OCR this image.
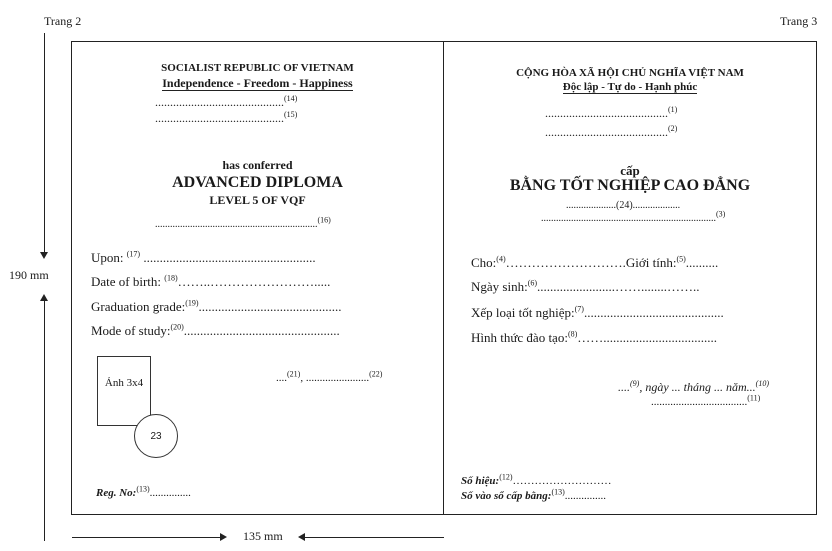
Trang 2	Trang 3
190 mm
135 mm
SOCIALIST REPUBLIC OF VIETNAM
Independence - Freedom - Happiness
...........................................$^{(14)}$
...........................................$^{(15)}$
has conferred
ADVANCED DIPLOMA
LEVEL 5 OF VQF
.................................................................$^{(16)}$
Upon: $^{(17)}$ .....................................................
Date of birth: $^{(18)}$……..…………………….....
Graduation grade:$^{(19)}$............................................
Mode of study:$^{(20)}$................................................
Ảnh 3x4
23
....$^{(21)}$, .......................$^{(22)}$
Reg. No:$^{(13)}$...............
CỘNG HÒA XÃ HỘI CHỦ NGHĨA VIỆT NAM
Độc lập - Tự do - Hạnh phúc
.........................................$^{(1)}$
.........................................$^{(2)}$
cấp
BẰNG TỐT NGHIỆP CAO ĐẲNG
....................(24)...................
......................................................................$^{(3)}$
Cho:$^{(4)}$……………………….Giới tính:$^{(5)}$..........
Ngày sinh:$^{(6)}$........................……........……..
Xếp loại tốt nghiệp:$^{(7)}$...........................................
Hình thức đào tạo:$^{(8)}$……...................................
....$^{(9)}$, ngày ... tháng ... năm...$^{(10)}$
...................................$^{(11)}$
Số hiệu:$^{(12)}$………………………
Số vào sổ cấp bằng:$^{(13)}$...............
